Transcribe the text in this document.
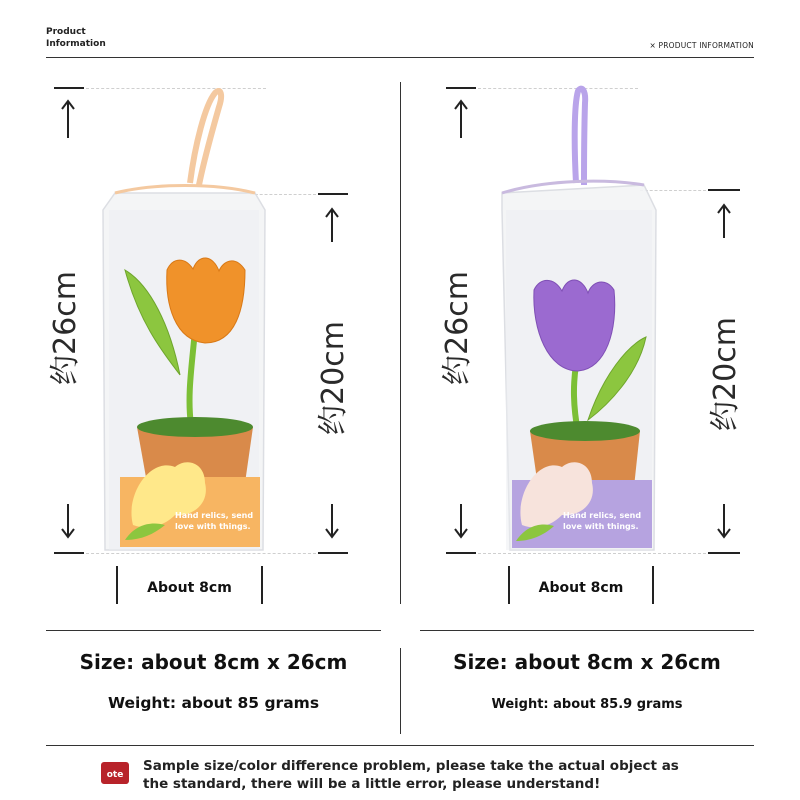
Product
Information	× PRODUCT INFORMATION
约26cm	约20cm
Hand relics, send love with things.
About 8cm
Size: about 8cm x 26cm
Weight: about 85 grams
约26cm	约20cm
Hand relics, send love with things.
About 8cm
Size: about 8cm x 26cm
Weight: about 85.9 grams
ote
Sample size/color difference problem, please take the actual object as the standard, there will be a little error, please understand!
